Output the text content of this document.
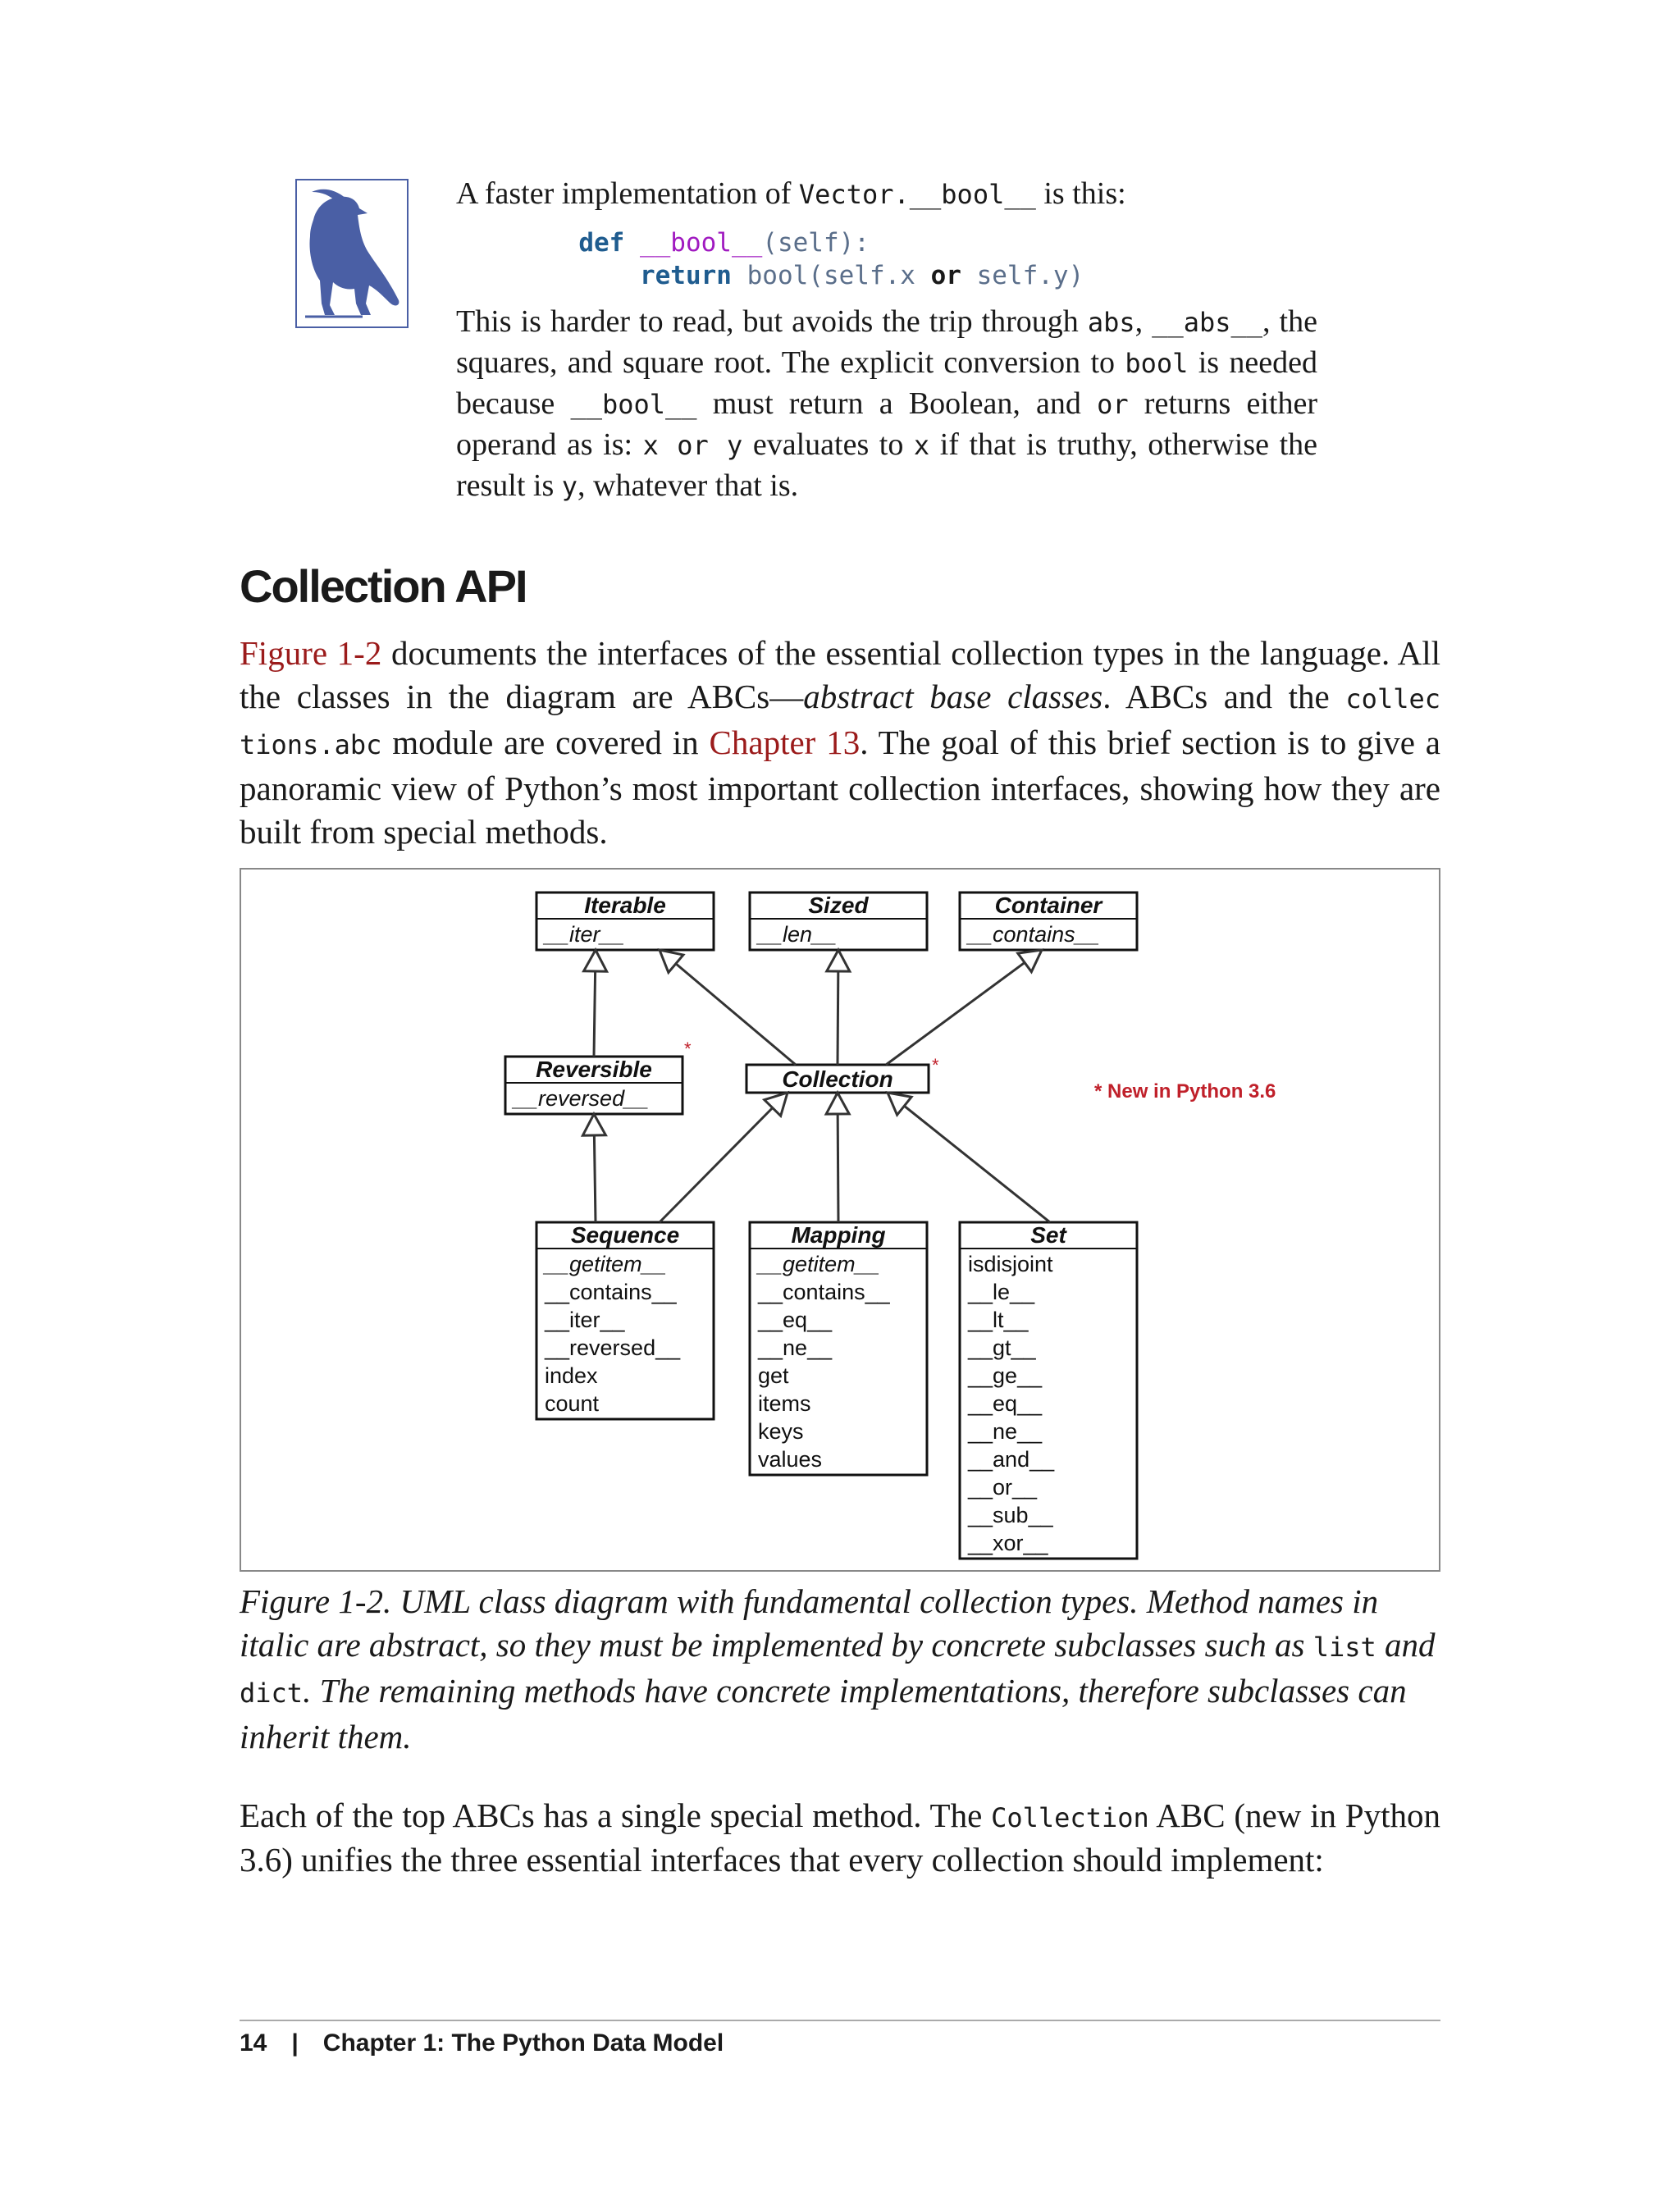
A faster implementation of Vector.__bool__ is this:

def __bool__(self):
return bool(self.x or self.y)

This is harder to read, but avoids the trip through abs, __abs__, the squares, and square root. The explicit conversion to bool is needed because __bool__ must return a Boolean, and or returns either operand as is: x or y evaluates to x if that is truthy, otherwise the result is y, whatever that is.

Collection API

Figure 1-2 documents the interfaces of the essential collection types in the language. All the classes in the diagram are ABCs—abstract base classes. ABCs and the collec tions.abc module are covered in Chapter 13. The goal of this brief section is to give a panoramic view of Python’s most important collection interfaces, showing how they are built from special methods.

Iterable
__iter__
Sized
__len__
Container
__contains__
Reversible
__reversed__
Collection
Sequence
__getitem__
__contains__
__iter__
__reversed__
index
count
Mapping
__getitem__
__contains__
__eq__
__ne__
get
items
keys
values
Set
isdisjoint
__le__
__lt__
__gt__
__ge__
__eq__
__ne__
__and__
__or__
__sub__
__xor__
*
*
* New in Python 3.6

Figure 1-2. UML class diagram with fundamental collection types. Method names in italic are abstract, so they must be implemented by concrete subclasses such as list and dict. The remaining methods have concrete implementations, therefore subclasses can inherit them.

Each of the top ABCs has a single special method. The Collection ABC (new in Python 3.6) unifies the three essential interfaces that every collection should implement:

14 | Chapter 1: The Python Data Model
